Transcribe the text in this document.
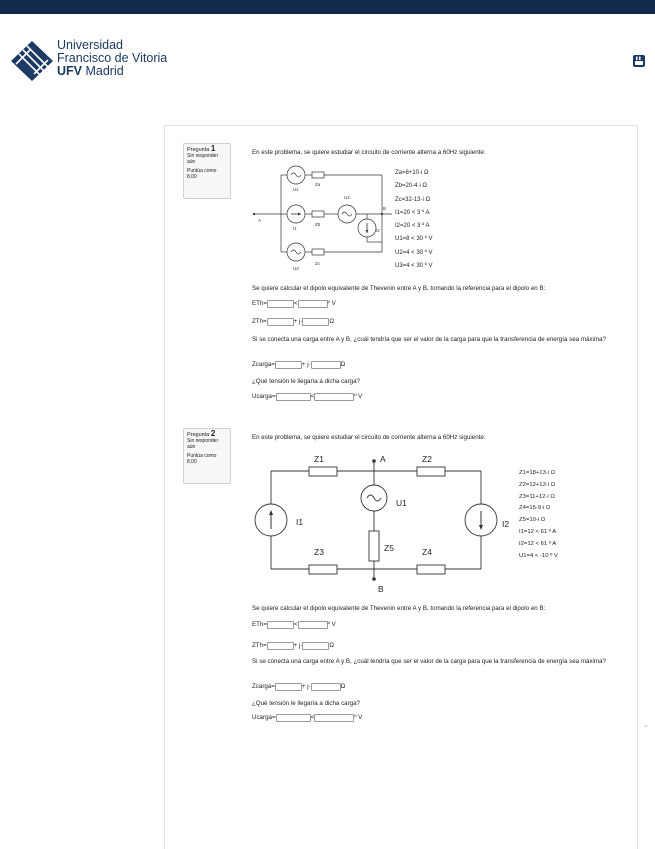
Universidad
Francisco de Vitoria
UFV Madrid
Pregunta 1
Sin responder aún
Puntúa como 8,00
En este problema, se quiere estudiar el circuito de corriente alterna a 60Hz siguiente:
U1
Za
A
I1
Zb
U2
B
I2
U3
Zc
Za=8+10·i Ω
Zb=20-4·i Ω
Zc=32-13·i Ω
I1=20 < 3 º A
I2=20 < 3 º A
U1=8 < 30 º V
U2=4 < 30 º V
U3=4 < 30 º V
Se quiere calcular el dipolo equivalente de Thevenin entre A y B, tomando la referencia para el dipolo en B:
ETh=	<	º V
ZTh=	+ j·	Ω
Si se conecta una carga entre A y B, ¿cuál tendría que ser el valor de la carga para que la transferencia de energía sea máxima?
Zcarga=	+ j·	Ω
¿Qué tensión le llegaría a dicha carga?
Ucarga=	<	º V
Pregunta 2
Sin responder aún
Puntúa como 8,00
En este problema, se quiere estudiar el circuito de corriente alterna a 60Hz siguiente:
Z1	A	Z2
U1
I1	I2
Z3	Z5	Z4
B
Z1=18+13·i Ω
Z2=12+13·i Ω
Z3=11+12·i Ω
Z4=15-9·i Ω
Z5=10-i Ω
I1=12 < 61 º A
I2=12 < 61 º A
U1=4 < -10 º V
Se quiere calcular el dipolo equivalente de Thevenin entre A y B, tomando la referencia para el dipolo en B:
ETh=	<	º V
ZTh=	+ j·	Ω
Si se conecta una carga entre A y B, ¿cuál tendría que ser el valor de la carga para que la transferencia de energía sea máxima?
Zcarga=	+ j·	Ω
¿Qué tensión le llegaría a dicha carga?
Ucarga=	<	º V
⌃
